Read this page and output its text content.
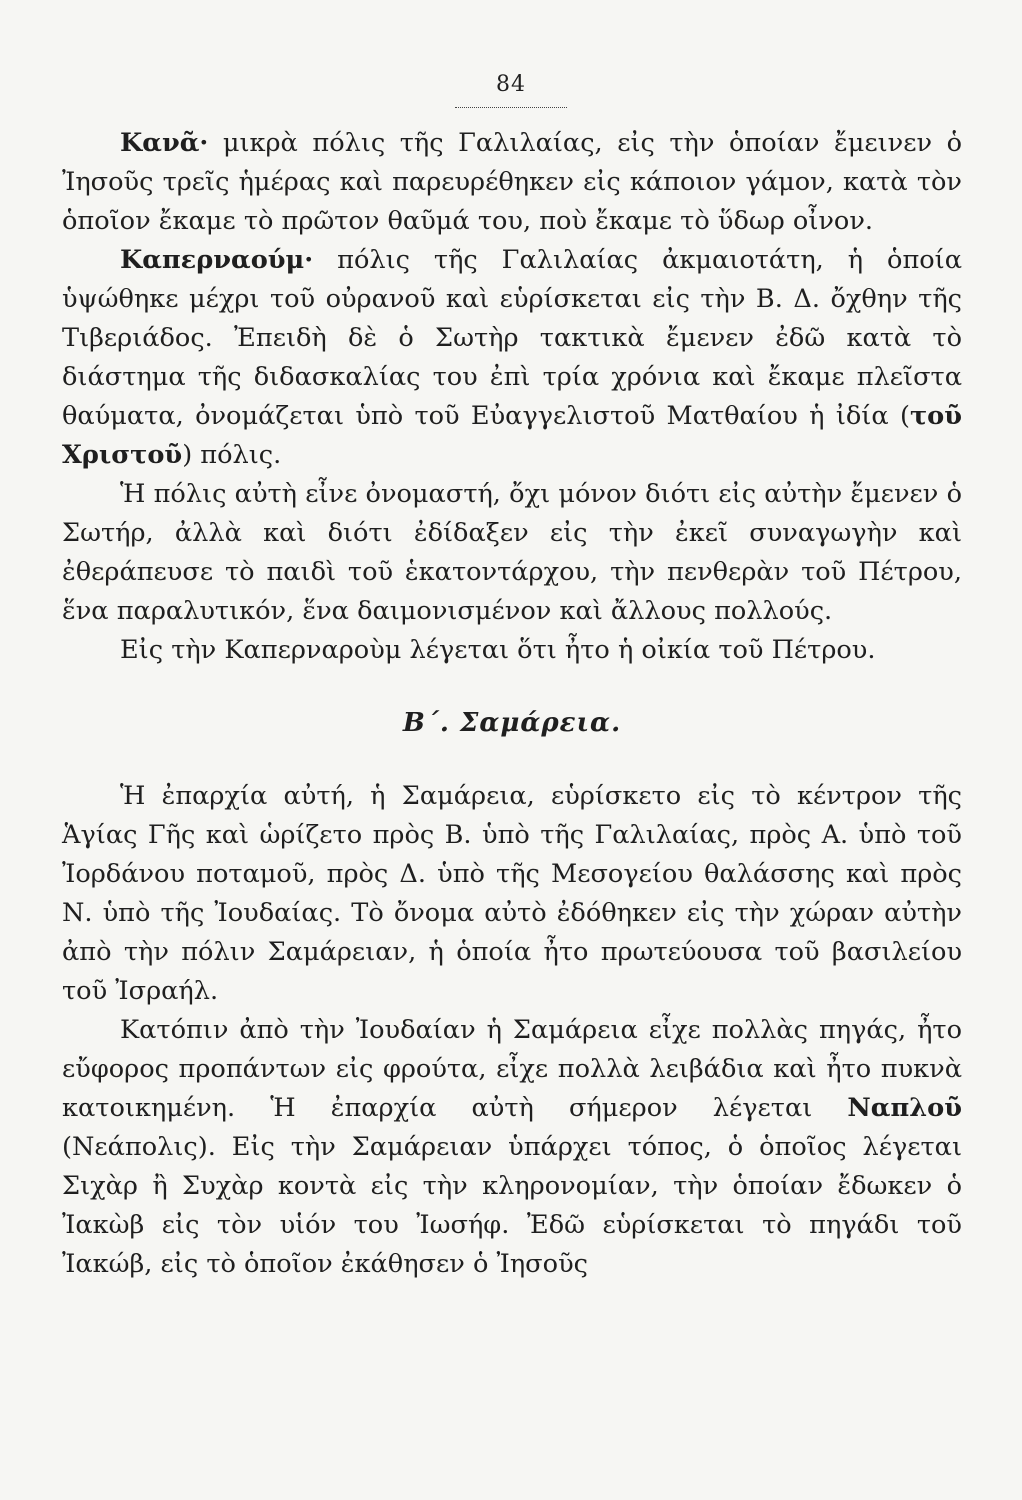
84

Κανᾶ· μικρὰ πόλις τῆς Γαλιλαίας, εἰς τὴν ὁποίαν ἔμεινεν ὁ Ἰησοῦς τρεῖς ἡμέρας καὶ παρευρέθηκεν εἰς κάποιον γάμον, κατὰ τὸν ὁποῖον ἔκαμε τὸ πρῶτον θαῦμά του, ποὺ ἔκαμε τὸ ὕδωρ οἶνον.

Καπερναούμ· πόλις τῆς Γαλιλαίας ἀκμαιοτάτη, ἡ ὁποία ὑψώθηκε μέχρι τοῦ οὐρανοῦ καὶ εὑρίσκεται εἰς τὴν Β. Δ. ὄχθην τῆς Τιβεριάδος. Ἐπειδὴ δὲ ὁ Σωτὴρ τακτικὰ ἔμενεν ἐδῶ κατὰ τὸ διάστημα τῆς διδασκαλίας του ἐπὶ τρία χρόνια καὶ ἔκαμε πλεῖστα θαύματα, ὀνομάζεται ὑπὸ τοῦ Εὐαγγελιστοῦ Ματθαίου ἡ ἰδία (τοῦ Χριστοῦ) πόλις.

Ἡ πόλις αὐτὴ εἶνε ὀνομαστή, ὄχι μόνον διότι εἰς αὐτὴν ἔμενεν ὁ Σωτήρ, ἀλλὰ καὶ διότι ἐδίδαξεν εἰς τὴν ἐκεῖ συναγωγὴν καὶ ἐθεράπευσε τὸ παιδὶ τοῦ ἑκατοντάρχου, τὴν πενθερὰν τοῦ Πέτρου, ἕνα παραλυτικόν, ἕνα δαιμονισμένον καὶ ἄλλους πολλούς.

Εἰς τὴν Καπερναροὺμ λέγεται ὅτι ἦτο ἡ οἰκία τοῦ Πέτρου.

Β΄. Σαμάρεια.

Ἡ ἐπαρχία αὐτή, ἡ Σαμάρεια, εὑρίσκετο εἰς τὸ κέντρον τῆς Ἁγίας Γῆς καὶ ὡρίζετο πρὸς Β. ὑπὸ τῆς Γαλιλαίας, πρὸς Α. ὑπὸ τοῦ Ἰορδάνου ποταμοῦ, πρὸς Δ. ὑπὸ τῆς Μεσογείου θαλάσσης καὶ πρὸς Ν. ὑπὸ τῆς Ἰουδαίας. Τὸ ὄνομα αὐτὸ ἐδόθηκεν εἰς τὴν χώραν αὐτὴν ἀπὸ τὴν πόλιν Σαμάρειαν, ἡ ὁποία ἦτο πρωτεύουσα τοῦ βασιλείου τοῦ Ἰσραήλ.

Κατόπιν ἀπὸ τὴν Ἰουδαίαν ἡ Σαμάρεια εἶχε πολλὰς πηγάς, ἦτο εὔφορος προπάντων εἰς φρούτα, εἶχε πολλὰ λειβάδια καὶ ἦτο πυκνὰ κατοικημένη. Ἡ ἐπαρχία αὐτὴ σήμερον λέγεται Ναπλοῦ (Νεάπολις). Εἰς τὴν Σαμάρειαν ὑπάρχει τόπος, ὁ ὁποῖος λέγεται Σιχὰρ ἢ Συχὰρ κοντὰ εἰς τὴν κληρονομίαν, τὴν ὁποίαν ἔδωκεν ὁ Ἰακὼβ εἰς τὸν υἱόν του Ἰωσήφ. Ἐδῶ εὑρίσκεται τὸ πηγάδι τοῦ Ἰακώβ, εἰς τὸ ὁποῖον ἐκάθησεν ὁ Ἰησοῦς
